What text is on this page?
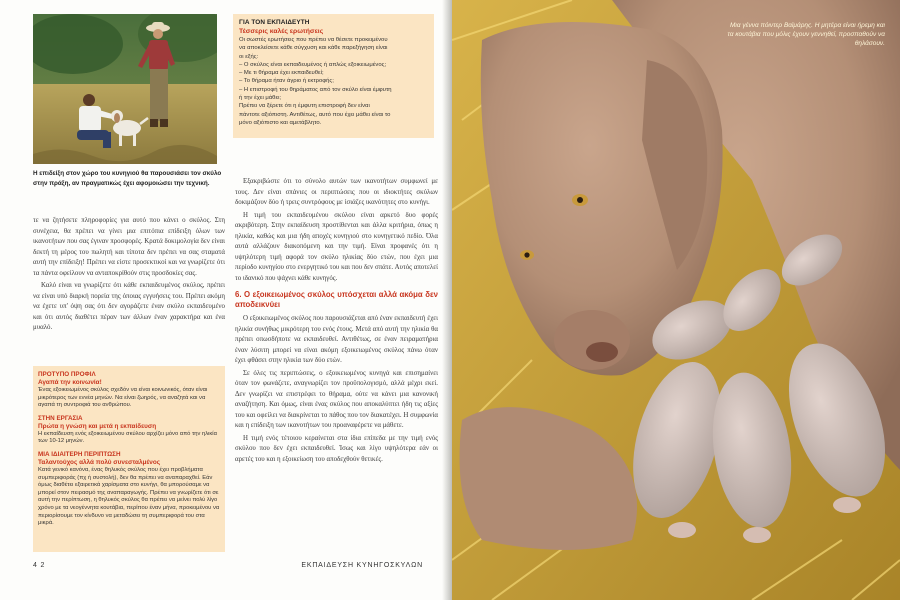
Η επιδείξη στον χώρο του κυνηγιού θα παρουσιάσει τον σκύλο στην πράξη, αν πραγματικώς έχει αφομοιώσει την τεχνική.
ΓΙΑ ΤΟΝ ΕΚΠΑΙΔΕΥΤΗ
Τέσσερις καλές ερωτήσεις
Οι σωστές ερωτήσεις που πρέπει να θέσετε προκειμένου
να αποκλείσετε κάθε σύγχυση και κάθε παρεξήγηση είναι
οι εξής:
– Ο σκύλος είναι εκπαιδευμένος ή απλώς εξοικειωμένος;
– Με τι θήραμα έχει εκπαιδευθεί;
– Το θήραμα ήταν άγριο ή εκτροφής;
– Η επιστροφή του θηράματος από τον σκύλο είναι έμφυτη
ή την έχει μάθει;
Πρέπει να ξέρετε ότι η έμφυτη επιστροφή δεν είναι
πάντοτε αξιόπιστη. Αντιθέτως, αυτό που έχει μάθει είναι το
μόνο αξιόπιστο και αμετάβλητο.

τε να ζητήσετε πληροφορίες για αυτό που κάνει ο σκύλος. Στη συνέχεια, θα πρέπει να γίνει μια επιτόπια επίδειξη όλων των ικανοτήτων που σας έγιναν προσφορές. Κρατά δοκιμολογία δεν είναι δεκτή τη μέρος του πωλητή και τίποτα δεν πρέπει να σας σταματά αυτή την επίδειξη! Πρέπει να είστε προσεκτικοί και να γνωρίζετε ότι τα πάντα οφείλουν να ανταποκρίθούν στις προσδοκίες σας.

Καλό είναι να γνωρίζετε ότι κάθε εκπαιδευμένος σκύλος, πρέπει να είναι υπό διαρκή πορεία της όποιας εγγυήσεις του. Πρέπει ακόμη να έχετε υπ' όψη σας ότι δεν αγοράζετε έναν σκύλο εκπαιδευμένο και ότι αυτός διαθέτει πέραν των άλλων έναν χαρακτήρα και ένα μυαλό.

Εξακριβώστε ότι το σύνολο αυτών των ικανοτήτων συμφωνεί με τους. Δεν είναι σπάνιες οι περιπτώσεις που οι ιδιοκτήτες σκύλων δοκιμάζουν δύο ή τρεις συντρόφους με ίσιάζες ικανότητες στο κυνήγι.

Η τιμή του εκπαιδευμένου σκύλου είναι αρκετό δυο φορές ακριβότερη. Στην εκπαίδευση προστίθενται και άλλα κριτήρια, όπως η ηλικία, καθώς και μια ήδη αποχές κυνηγιού στο κυνηγετικό πεδίο. Όλα αυτά αλλάζουν διακοπόμενη και την τιμή. Είναι προφανές ότι η υψηλότερη τιμή αφορά τον σκύλο ηλικίας δύο ετών, που έχει μια περίοδο κυνηγίου στο ενεργητικό του και που δεν σπάτε. Αυτός αποτελεί το ιδανικό που ψάχνει κάθε κυνηγός.

6. Ο εξοικειωμένος σκύλος υπόσχεται αλλά ακόμα δεν αποδεικνύει

Ο εξοικειωμένος σκύλος που παρουσιάζεται από έναν εκπαιδευτή έχει ηλικία συνήθως μικρότερη του ενός έτους. Μετά από αυτή την ηλικία θα πρέπει οπωσδήποτε να εκπαιδευθεί. Αντιθέτως, σε έναν πειραματήρια έναν λύσιτη μπορεί να είναι ακόμη εξοικειωμένος σκύλος πάνω όταν έχει φθάσει στην ηλικία των δύο ετών.

Σε όλες τις περιπτώσεις, ο εξοικειωμένος κυνηγά και επισημαίνει όταν τον φωνάζετε, αναγνωρίζει τον προϋπολογισμό, αλλά μέχρι εκεί. Δεν γνωρίζει να επιστρέφει το θήραμα, ούτε να κάνει μια κανονική αναζήτηση. Και όμως, είναι ένας σκύλος που αποκαλύπτει ήδη τις αξίες του και οφείλει να διακρίνεται το πάθος που τον διακατέχει. Η συμφωνία και η επίδειξη των ικανοτήτων του προαναφέρετε να μάθετε.

Η τιμή ενός τέτοιου κεραίνεται στα ίδια επίπεδα με την τιμή ενός σκύλου που δεν έχει εκπαιδευθεί. Ίσως και λίγο υψηλότερα εάν οι αρετές του και η εξοικείωση του αποδεχθούν θετικές.

ΠΡΟΤΥΠΟ ΠΡΟΦΙΛ
Αγαπά την κοινωνία!
Ένας εξοικειωμένος σκύλος σχεδόν να είναι κοινωνικός, όταν είναι μικρότερος των εννέα μηνών. Να είναι ζωηρός, να αναζητά και να αγαπά τη συντροφιά του ανθρώπου.
ΣΤΗΝ ΕΡΓΑΣΙΑ
Πρώτα η γνώση και μετά η εκπαίδευση
Η εκπαίδευση ενός εξοικειωμένου σκύλου αρχίζει μόνο από την ηλικία των 10-12 μηνών.
ΜΙΑ ΙΔΙΑΙΤΕΡΗ ΠΕΡΙΠΤΩΣΗ
Ταλαντούχος αλλά πολύ συνεσταλμένος
Κατά γενικό κανόνα, ένας θηλυκός σκύλος που έχει προβλήματα συμπεριφοράς (πχ ή συστολή), δεν θα πρέπει να αναπαραχθεί. Εάν όμως διαθέτει εξαιρετικά χαρίσματα στο κυνήγι, θα μπορούσαμε να μπορεί στον πειρασμό της αναπαραγωγής. Πρέπει να γνωρίζετε ότι σε αυτή την περίπτωση, η θηλυκός σκύλος θα πρέπει να μείνει πολύ λίγο χρόνο με τα νεογέννητα κουτάβια, περίπου έναν μήνα, προκειμένου να περιορίσουμε τον κίνδυνο να μεταδώσει τη συμπεριφορά του στα μικρά.
4 2	ΕΚΠΑΙΔΕΥΣΗ ΚΥΝΗΓΟΣΚΥΛΩΝ
Μια γέννα πόιντερ Βαϊμάρης. Η μητέρα είναι ήρεμη και τα κουτάβια που μόλις έχουν γεννηθεί, προσπαθούν να θηλάσουν.
